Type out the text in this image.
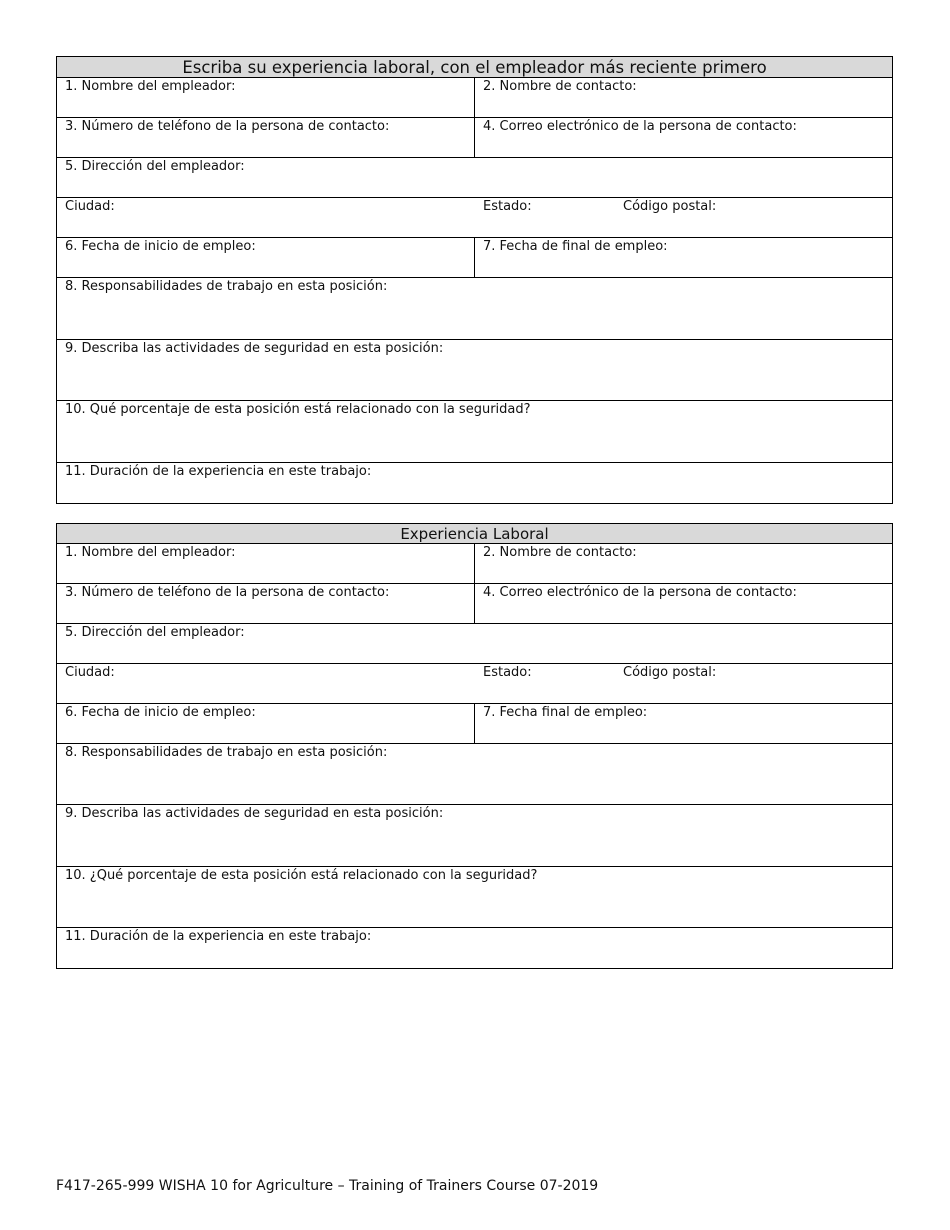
Escriba su experiencia laboral, con el empleador más reciente primero
1. Nombre del empleador:	2. Nombre de contacto:
3. Número de teléfono de la persona de contacto:	4. Correo electrónico de la persona de contacto:
5. Dirección del empleador:
Ciudad:	Estado:	Código postal:
6. Fecha de inicio de empleo:	7. Fecha de final de empleo:
8. Responsabilidades de trabajo en esta posición:
9. Describa las actividades de seguridad en esta posición:
10. Qué porcentaje de esta posición está relacionado con la seguridad?
11. Duración de la experiencia en este trabajo:
Experiencia Laboral
1. Nombre del empleador:	2. Nombre de contacto:
3. Número de teléfono de la persona de contacto:	4. Correo electrónico de la persona de contacto:
5. Dirección del empleador:
Ciudad:	Estado:	Código postal:
6. Fecha de inicio de empleo:	7. Fecha final de empleo:
8. Responsabilidades de trabajo en esta posición:
9. Describa las actividades de seguridad en esta posición:
10. ¿Qué porcentaje de esta posición está relacionado con la seguridad?
11. Duración de la experiencia en este trabajo:
F417-265-999 WISHA 10 for Agriculture – Training of Trainers Course 07-2019
